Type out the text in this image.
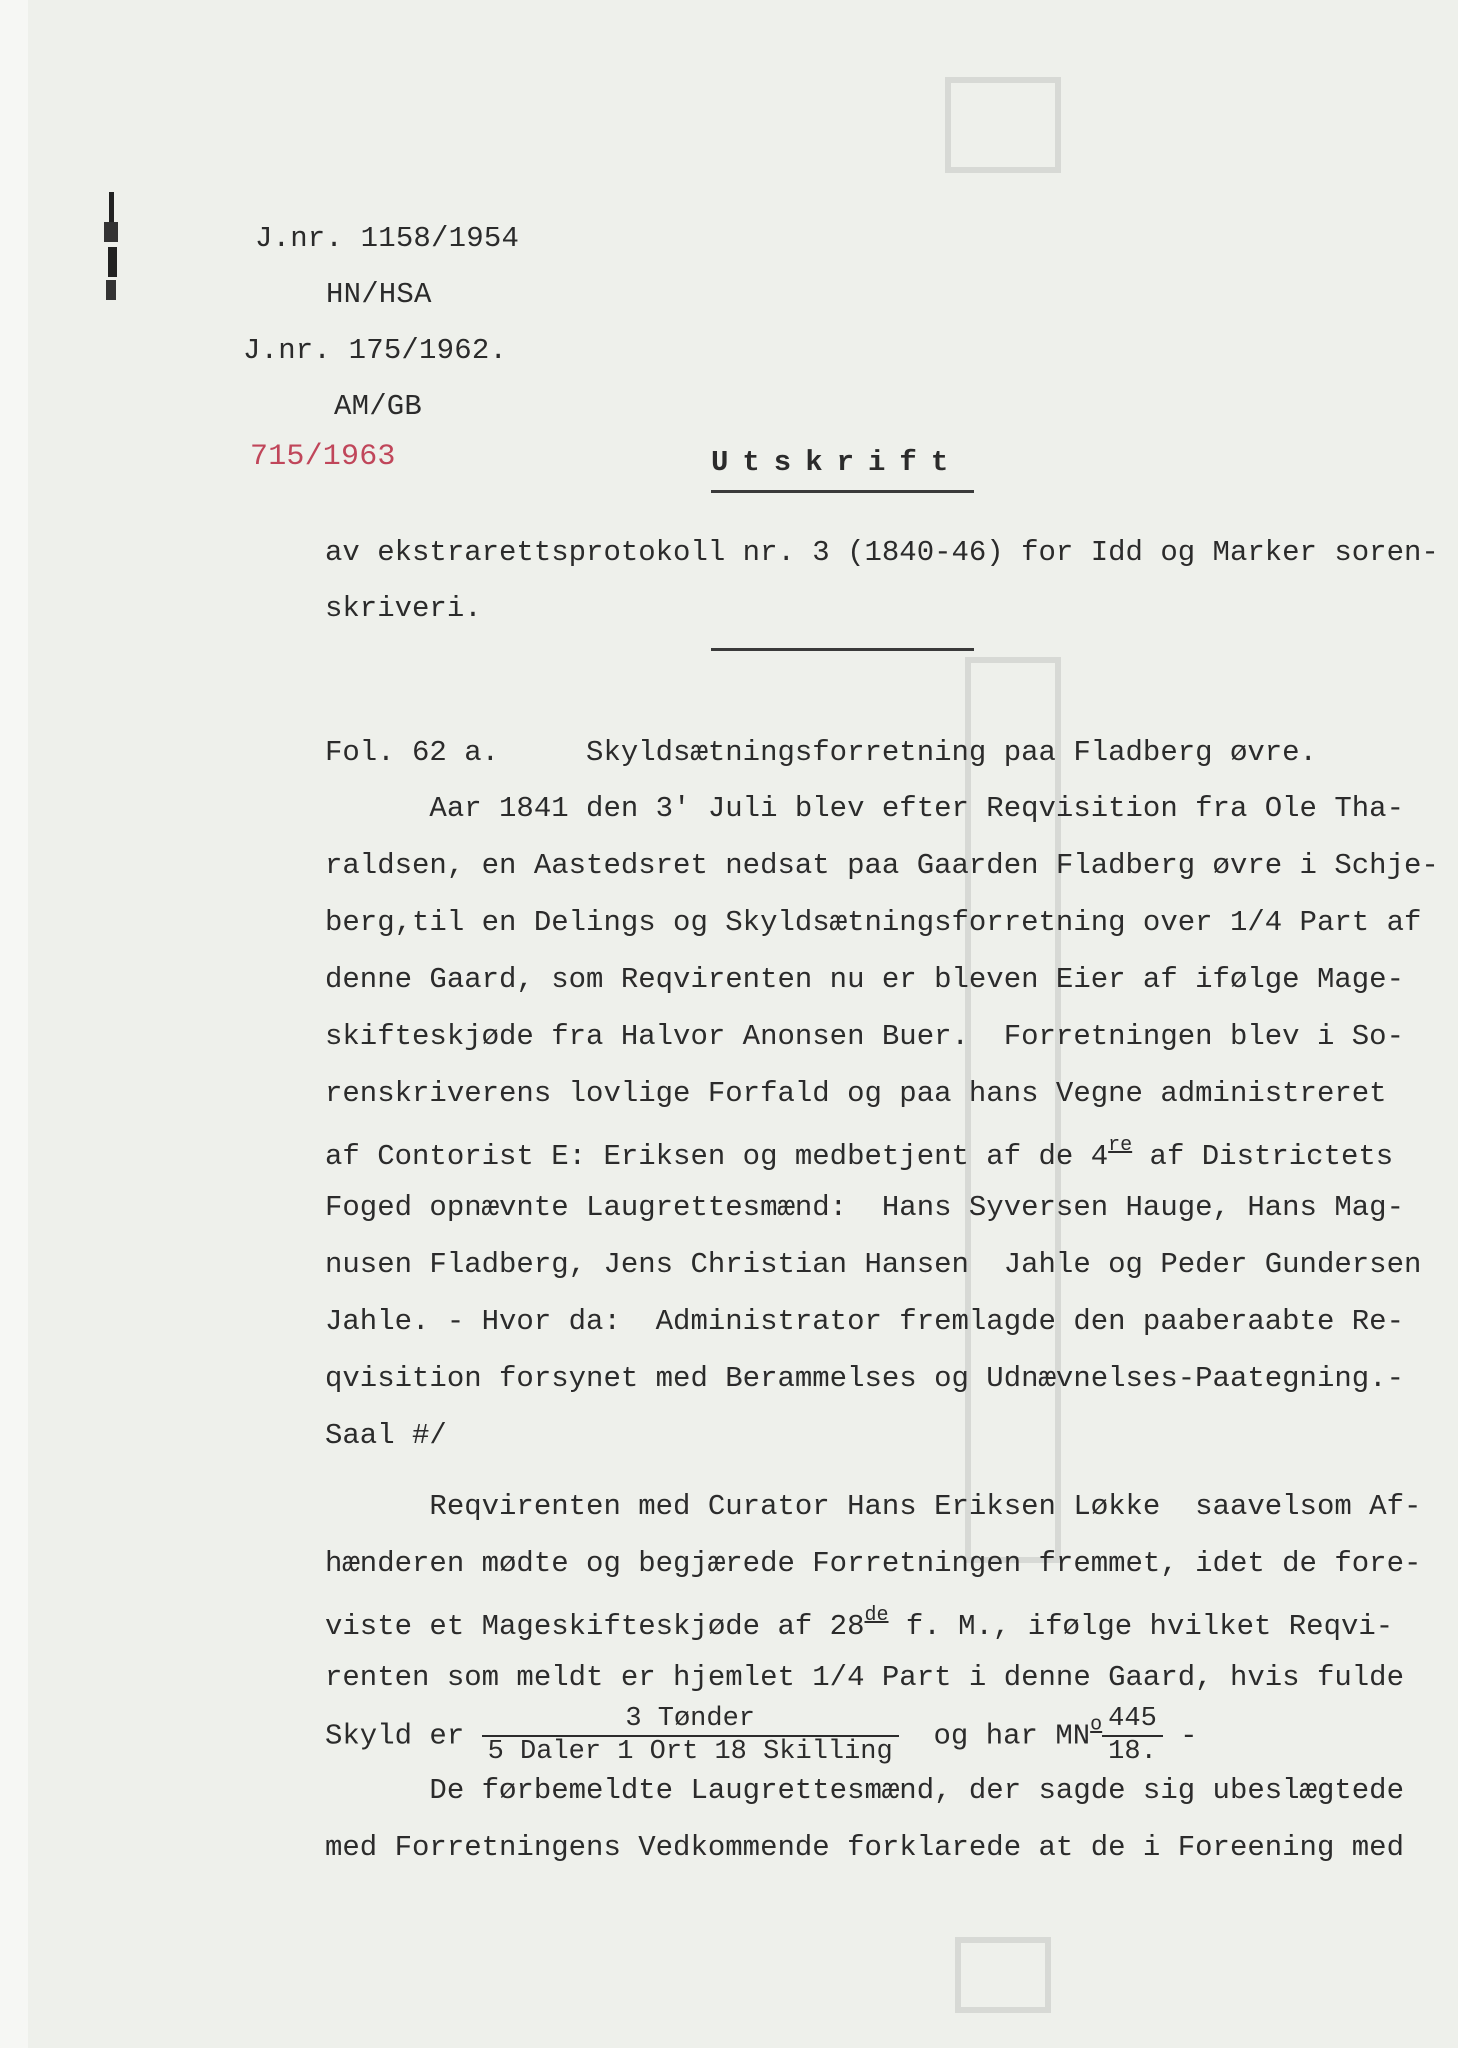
J.nr. 1158/1954
HN/HSA
J.nr. 175/1962.
AM/GB
715/1963	Utskrift
av ekstrarettsprotokoll nr. 3 (1840-46) for Idd og Marker soren-
skriveri.
Fol. 62 a.     Skyldsætningsforretning paa Fladberg øvre.
Aar 1841 den 3' Juli blev efter Reqvisition fra Ole Tha-
raldsen, en Aastedsret nedsat paa Gaarden Fladberg øvre i Schje-
berg,til en Delings og Skyldsætningsforretning over 1/4 Part af
denne Gaard, som Reqvirenten nu er bleven Eier af ifølge Mage-
skifteskjøde fra Halvor Anonsen Buer.  Forretningen blev i So-
renskriverens lovlige Forfald og paa hans Vegne administreret
af Contorist E: Eriksen og medbetjent af de 4re af Districtets
Foged opnævnte Laugrettesmænd:  Hans Syversen Hauge, Hans Mag-
nusen Fladberg, Jens Christian Hansen  Jahle og Peder Gundersen
Jahle. - Hvor da:  Administrator fremlagde den paaberaabte Re-
qvisition forsynet med Berammelses og Udnævnelses-Paategning.-
Saal #/
Reqvirenten med Curator Hans Eriksen Løkke  saavelsom Af-
hænderen mødte og begjærede Forretningen fremmet, idet de fore-
viste et Mageskifteskjøde af 28de f. M., ifølge hvilket Reqvi-
renten som meldt er hjemlet 1/4 Part i denne Gaard, hvis fulde
Skyld er $\frac{\text{3 Tønder}}{\text{5 Daler 1 Ort 18 Skilling}}$ og har $MN^o \frac{445}{18.}$ -
De førbemeldte Laugrettesmænd, der sagde sig ubeslægtede
med Forretningens Vedkommende forklarede at de i Foreening med
